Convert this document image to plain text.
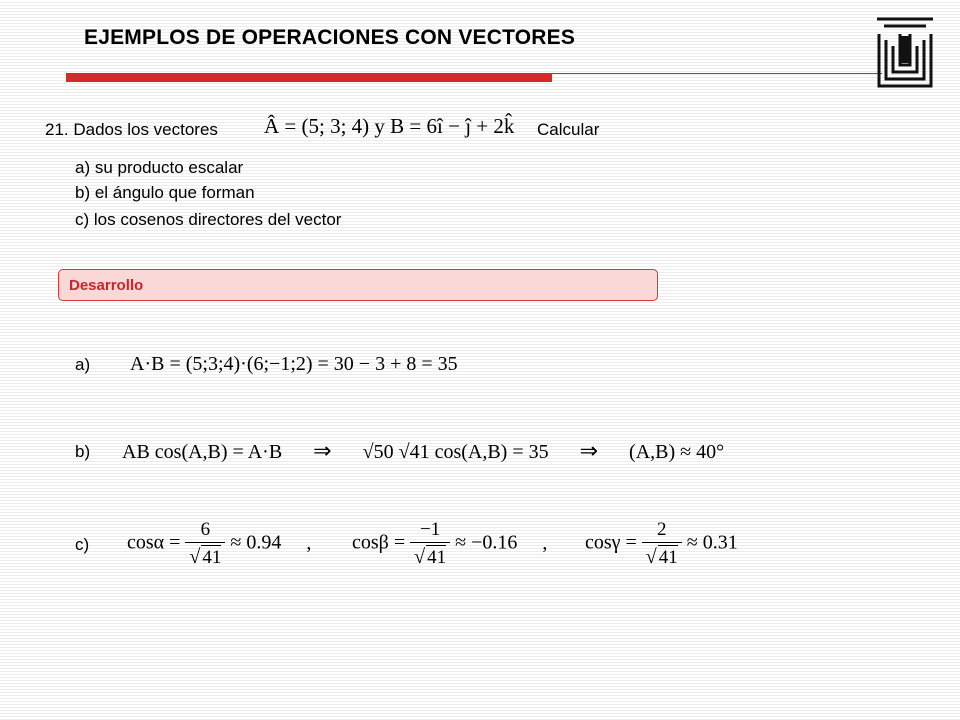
EJEMPLOS DE OPERACIONES CON VECTORES
21. Dados los vectores Â = (5; 3; 4) y B = 6î − ĵ + 2k̂ Calcular
a) su producto escalar
b) el ángulo que forman
c) los cosenos directores del vector
Desarrollo
a) A·B = (5;3;4)·(6;−1;2) = 30 − 3 + 8 = 35
b) AB cos(A,B) = A·B ⇒ √50 √41 cos(A,B) = 35 ⇒ (A,B) ≈ 40°
c) $\cos\alpha = \frac{6}{√ 41} \approx 0.94$ , $\cos\beta = \frac{-1}{√ 41} \approx -0.16$ , $\cos\gamma = \frac{2}{√ 41} \approx 0.31$
